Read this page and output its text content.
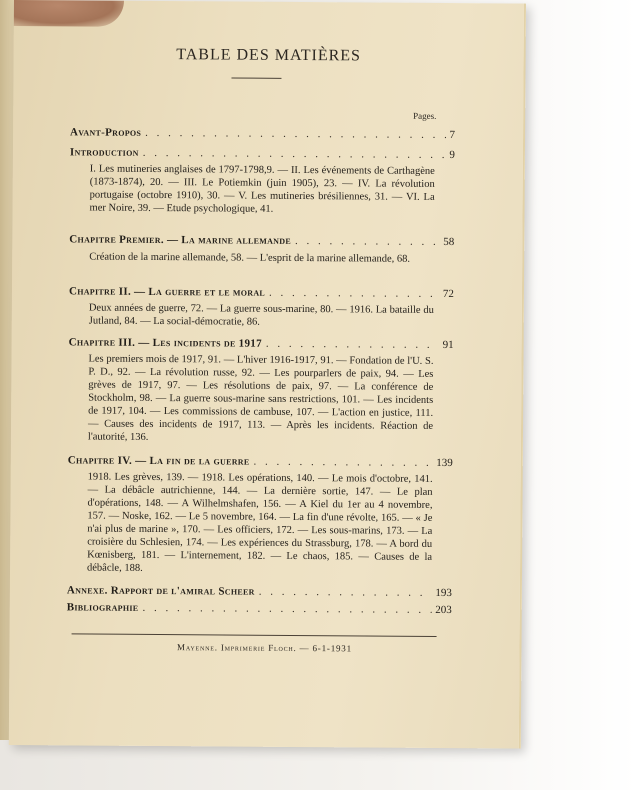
TABLE DES MATIÈRES
Pages.
Avant-Propos . . .	7
Introduction . . .	9
I. Les mutineries anglaises de 1797-1798,9. — II. Les événements de Carthagène (1873-1874), 20. — III. Le Potiemkin (juin 1905), 23. — IV. La révolution portugaise (octobre 1910), 30. — V. Les mutineries brésiliennes, 31. — VI. La mer Noire, 39. — Etude psychologique, 41.
Chapitre Premier. — La marine allemande . . .	58
Création de la marine allemande, 58. — L'esprit de la marine allemande, 68.
Chapitre II. — La guerre et le moral . . .	72
Deux années de guerre, 72. — La guerre sous-marine, 80. — 1916. La bataille du Jutland, 84. — La social-démocratie, 86.
Chapitre III. — Les incidents de 1917 . . .	91
Les premiers mois de 1917, 91. — L'hiver 1916-1917, 91. — Fondation de l'U. S. P. D., 92. — La révolution russe, 92. — Les pourparlers de paix, 94. — Les grèves de 1917, 97. — Les résolutions de paix, 97. — La conférence de Stockholm, 98. — La guerre sous-marine sans restrictions, 101. — Les incidents de 1917, 104. — Les commissions de cambuse, 107. — L'action en justice, 111. — Causes des incidents de 1917, 113. — Après les incidents. Réaction de l'autorité, 136.
Chapitre IV. — La fin de la guerre . . .	139
1918. Les grèves, 139. — 1918. Les opérations, 140. — Le mois d'octobre, 141. — La débâcle autrichienne, 144. — La dernière sortie, 147. — Le plan d'opérations, 148. — A Wilhelmshafen, 156. — A Kiel du 1er au 4 novembre, 157. — Noske, 162. — Le 5 novembre, 164. — La fin d'une révolte, 165. — « Je n'ai plus de marine », 170. — Les officiers, 172. — Les sous-marins, 173. — La croisière du Schlesien, 174. — Les expériences du Strassburg, 178. — A bord du Kœnisberg, 181. — L'internement, 182. — Le chaos, 185. — Causes de la débâcle, 188.
Annexe. Rapport de l'amiral Scheer . . .	193
Bibliographie . . .	203
Mayenne. Imprimerie Floch. — 6-1-1931
